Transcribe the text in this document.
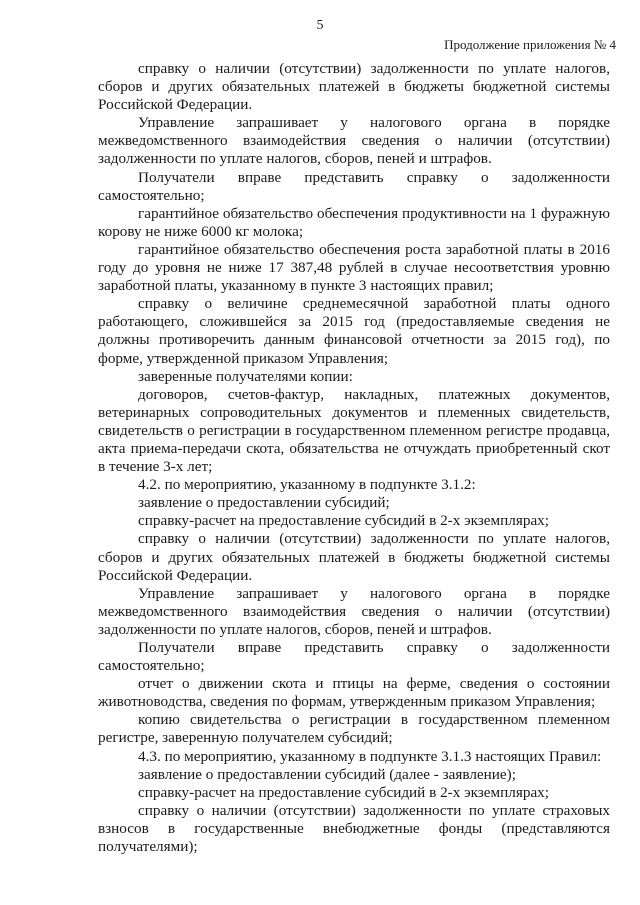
5
Продолжение приложения № 4

справку о наличии (отсутствии) задолженности по уплате налогов, сборов и других обязательных платежей в бюджеты бюджетной системы Российской Федерации.

Управление запрашивает у налогового органа в порядке межведомственного взаимодействия сведения о наличии (отсутствии) задолженности по уплате налогов, сборов, пеней и штрафов.

Получатели вправе представить справку о задолженности самостоятельно;

гарантийное обязательство обеспечения продуктивности на 1 фуражную корову не ниже 6000 кг молока;

гарантийное обязательство обеспечения роста заработной платы в 2016 году до уровня не ниже 17 387,48 рублей в случае несоответствия уровню заработной платы, указанному в пункте 3 настоящих правил;

справку о величине среднемесячной заработной платы одного работающего, сложившейся за 2015 год (предоставляемые сведения не должны противоречить данным финансовой отчетности за 2015 год), по форме, утвержденной приказом Управления;

заверенные получателями копии:

договоров, счетов-фактур, накладных, платежных документов, ветеринарных сопроводительных документов и племенных свидетельств, свидетельств о регистрации в государственном племенном регистре продавца, акта приема-передачи скота, обязательства не отчуждать приобретенный скот в течение 3-х лет;

4.2. по мероприятию, указанному в подпункте 3.1.2:

заявление о предоставлении субсидий;

справку-расчет на предоставление субсидий в 2-х экземплярах;

справку о наличии (отсутствии) задолженности по уплате налогов, сборов и других обязательных платежей в бюджеты бюджетной системы Российской Федерации.

Управление запрашивает у налогового органа в порядке межведомственного взаимодействия сведения о наличии (отсутствии) задолженности по уплате налогов, сборов, пеней и штрафов.

Получатели вправе представить справку о задолженности самостоятельно;

отчет о движении скота и птицы на ферме, сведения о состоянии животноводства, сведения по формам, утвержденным приказом Управления;

копию свидетельства о регистрации в государственном племенном регистре, заверенную получателем субсидий;

4.3. по мероприятию, указанному в подпункте 3.1.3 настоящих Правил:

заявление о предоставлении субсидий (далее - заявление);

справку-расчет на предоставление субсидий в 2-х экземплярах;

справку о наличии (отсутствии) задолженности по уплате страховых взносов в государственные внебюджетные фонды (представляются получателями);
